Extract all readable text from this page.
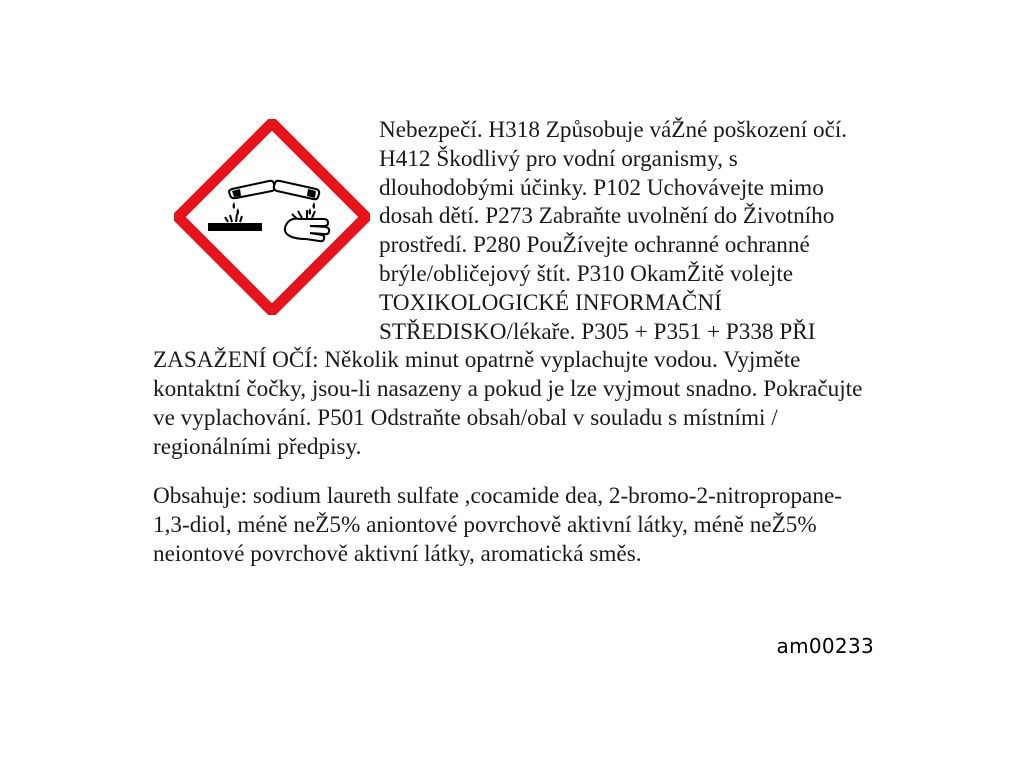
Nebezpečí. H318 Způsobuje váŽné poškození očí. H412 Škodlivý pro vodní organismy, s dlouhodobými účinky. P102 Uchovávejte mimo dosah dětí. P273 Zabraňte uvolnění do Životního prostředí. P280 PouŽívejte ochranné ochranné brýle/obličejový štít. P310 OkamŽitě volejte TOXIKOLOGICKÉ INFORMAČNÍ STŘEDISKO/lékaře. P305 + P351 + P338 PŘI ZASAŽENÍ OČÍ: Několik minut opatrně vyplachujte vodou. Vyjměte kontaktní čočky, jsou-li nasazeny a pokud je lze vyjmout snadno. Pokračujte ve vyplachování. P501 Odstraňte obsah/obal v souladu s místními / regionálními předpisy.

Obsahuje: sodium laureth sulfate ,cocamide dea, 2-bromo-2-nitropropane-1,3-diol, méně neŽ5% aniontové povrchově aktivní látky, méně neŽ5% neiontové povrchově aktivní látky, aromatická směs.

am00233
